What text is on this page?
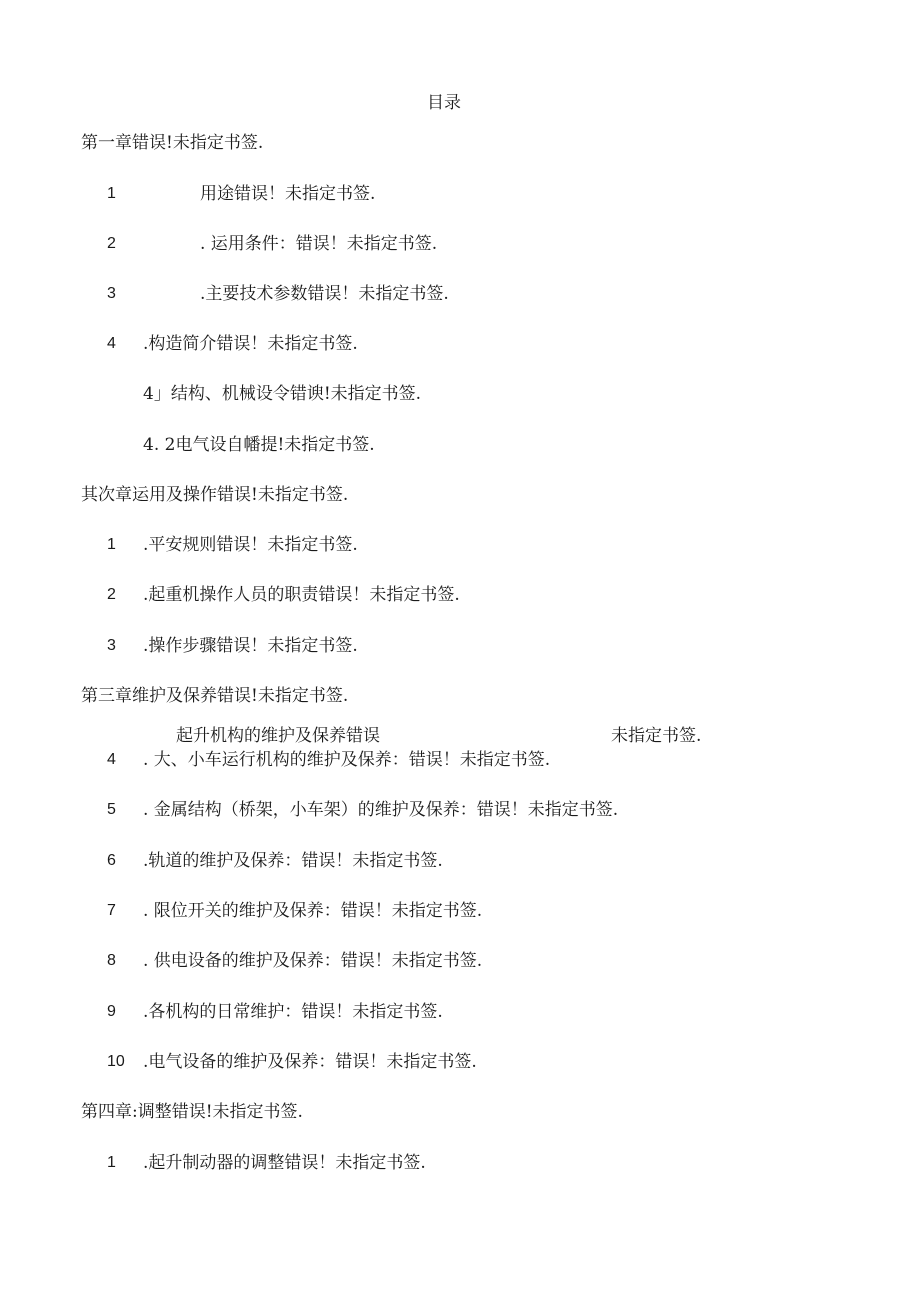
目录
第一章错误!未指定书签.
1	用途错误！未指定书签.
2	. 运用条件：错误！未指定书签.
3	.主要技术参数错误！未指定书签.
4 .构造简介错误！未指定书签.
4」结构、机械设令错谀!未指定书签.
4. 2电气设自幡提!未指定书签.
其次章运用及操作错误!未指定书签.
1 .平安规则错误！未指定书签.
2 .起重机操作人员的职责错误！未指定书签.
3 .操作步骤错误！未指定书签.
第三章维护及保养错误!未指定书签.
起升机构的维护及保养错误	未指定书签.
4 . 大、小车运行机构的维护及保养：错误！未指定书签.
5 . 金属结构（桥架，小车架）的维护及保养：错误！未指定书签.
6 .轨道的维护及保养：错误！未指定书签.
7 . 限位开关的维护及保养：错误！未指定书签.
8 . 供电设备的维护及保养：错误！未指定书签.
9 .各机构的日常维护：错误！未指定书签.
10 .电气设备的维护及保养：错误！未指定书签.
第四章:调整错误!未指定书签.
1 .起升制动器的调整错误！未指定书签.
